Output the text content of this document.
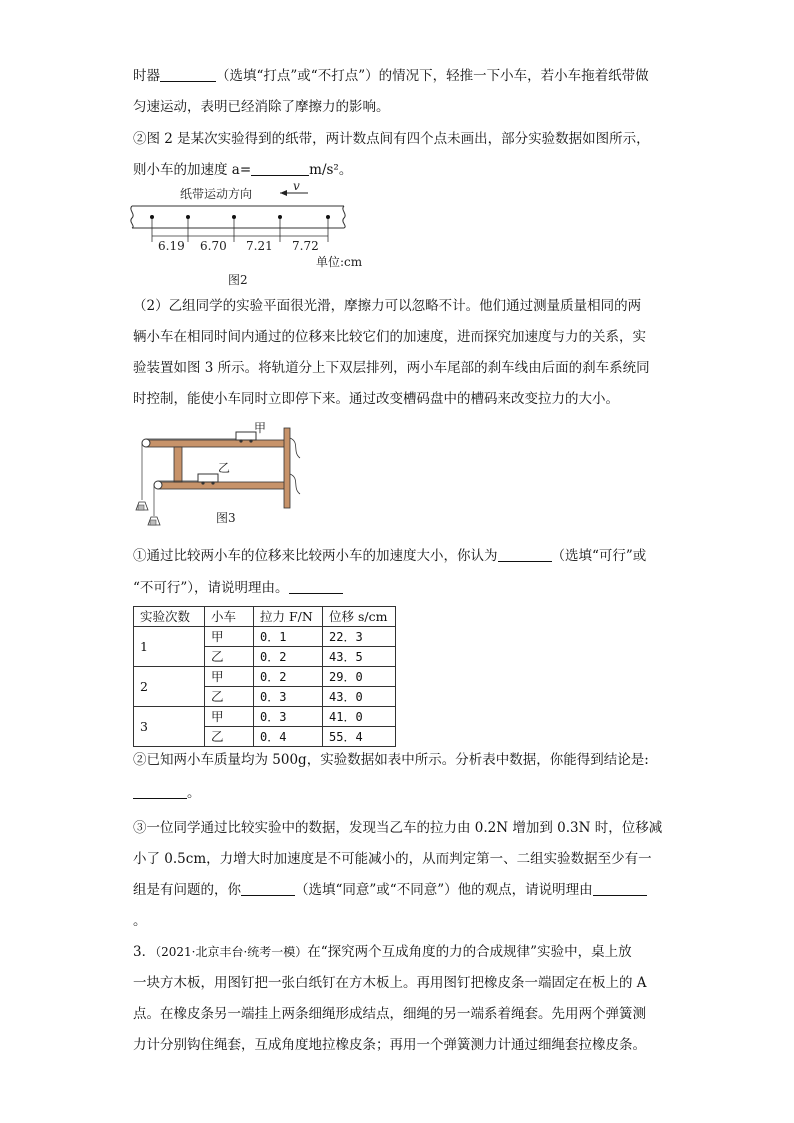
时器	（选填“打点”或“不打点”）的情况下，轻推一下小车，若小车拖着纸带做
匀速运动，表明已经消除了摩擦力的影响。
②图 2 是某次实验得到的纸带，两计数点间有四个点未画出，部分实验数据如图所示，
则小车的加速度 a=	m/s²。
纸带运动方向
v
6.19 6.70 7.21 7.72
单位:cm
图2
（2）乙组同学的实验平面很光滑，摩擦力可以忽略不计。他们通过测量质量相同的两
辆小车在相同时间内通过的位移来比较它们的加速度，进而探究加速度与力的关系，实
验装置如图 3 所示。将轨道分上下双层排列，两小车尾部的刹车线由后面的刹车系统同
时控制，能使小车同时立即停下来。通过改变槽码盘中的槽码来改变拉力的大小。
甲
乙
图3
①通过比较两小车的位移来比较两小车的加速度大小，你认为	（选填“可行”或
“不可行”），请说明理由。
实验次数	小车	拉力 F/N	位移 s/cm
1	甲	0．1	22．3
	乙	0．2	43．5
2	甲	0．2	29．0
	乙	0．3	43．0
3	甲	0．3	41．0
	乙	0．4	55．4
②已知两小车质量均为 500g，实验数据如表中所示。分析表中数据，你能得到结论是:
。
③一位同学通过比较实验中的数据，发现当乙车的拉力由 0.2N 增加到 0.3N 时，位移减
小了 0.5cm，力增大时加速度是不可能减小的，从而判定第一、二组实验数据至少有一
组是有问题的，你	（选填“同意”或“不同意”）他的观点，请说明理由
。
3．（2021·北京丰台·统考一模）在“探究两个互成角度的力的合成规律”实验中，桌上放
一块方木板，用图钉把一张白纸钉在方木板上。再用图钉把橡皮条一端固定在板上的 A
点。在橡皮条另一端挂上两条细绳形成结点，细绳的另一端系着绳套。先用两个弹簧测
力计分别钩住绳套，互成角度地拉橡皮条；再用一个弹簧测力计通过细绳套拉橡皮条。
